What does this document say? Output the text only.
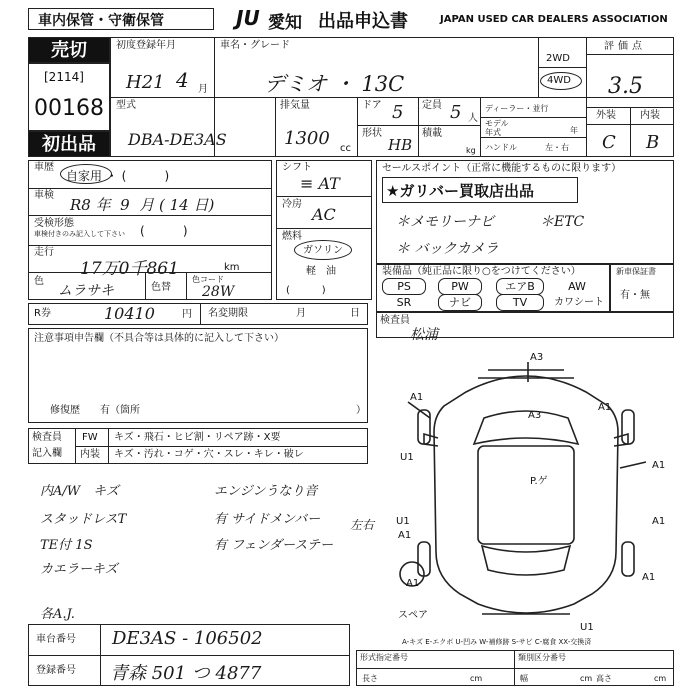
車内保管・守衛保管	JU 愛知 出品申込書	JAPAN USED CAR DEALERS ASSOCIATION
売切
[2114]
00168
初出品
初度登録年月
H21 4 月
車名・グレード
デミオ ・ 13C
2WD
4WD
評価点
3.5
型式
DBA-DE3AS
排気量
1300 cc
ドア 5 定員 5 人
形状
HB
積載
kg
ディーラー・並行
モデル
年式	年
ハンドル	左・右
外装 内装
C B
車歴
自家用 ・ (          )
車検
R8 年  9  月 ( 14 日)
受検形態
車検付きのみ記入して下さい (          )
走行
17万0千861	km
色
ムラサキ	色替
色コード
28W
R券	10410	円 名変期限	月	日
シフト
≡ AT
冷房
AC
燃料
ガソリン
軽　油
(          )
セールスポイント（正常に機能するものに限ります）
★ガリバー買取店出品
＊メモリーナビ	＊ETC
＊ バックカメラ
装備品（純正品に限り○をつけてください）
PS	PW	エアB	AW
SR	ナビ	TV	カワシート
新車保証書
有・無
検査員
松浦
注意事項申告欄（不具合等は具体的に記入して下さい）
修復歴　　有（箇所	）
検査員
記入欄
FW キズ・飛石・ヒビ割・リペア跡・X要
内装 キズ・汚れ・コゲ・穴・スレ・キレ・破レ
内A/W　キズ
スタッドレスT
TE付 1S
カエラーキズ
各A.J.
エンジンうなり音
有 サイドメンバー
有 フェンダーステー
左右
A3
A1
A3
A1
U1
A1
P.ゲ
U1
A1
A1
A1
U1
A1
スペア
A-キズ E-エクボ U-凹み W-補修跡 S-サビ C-腐食 XX-交換済
車台番号 DE3AS - 106502
登録番号 青森 501 つ 4877
形式指定番号	類別区分番号
長さ	cm	幅	cm 高さ	cm
